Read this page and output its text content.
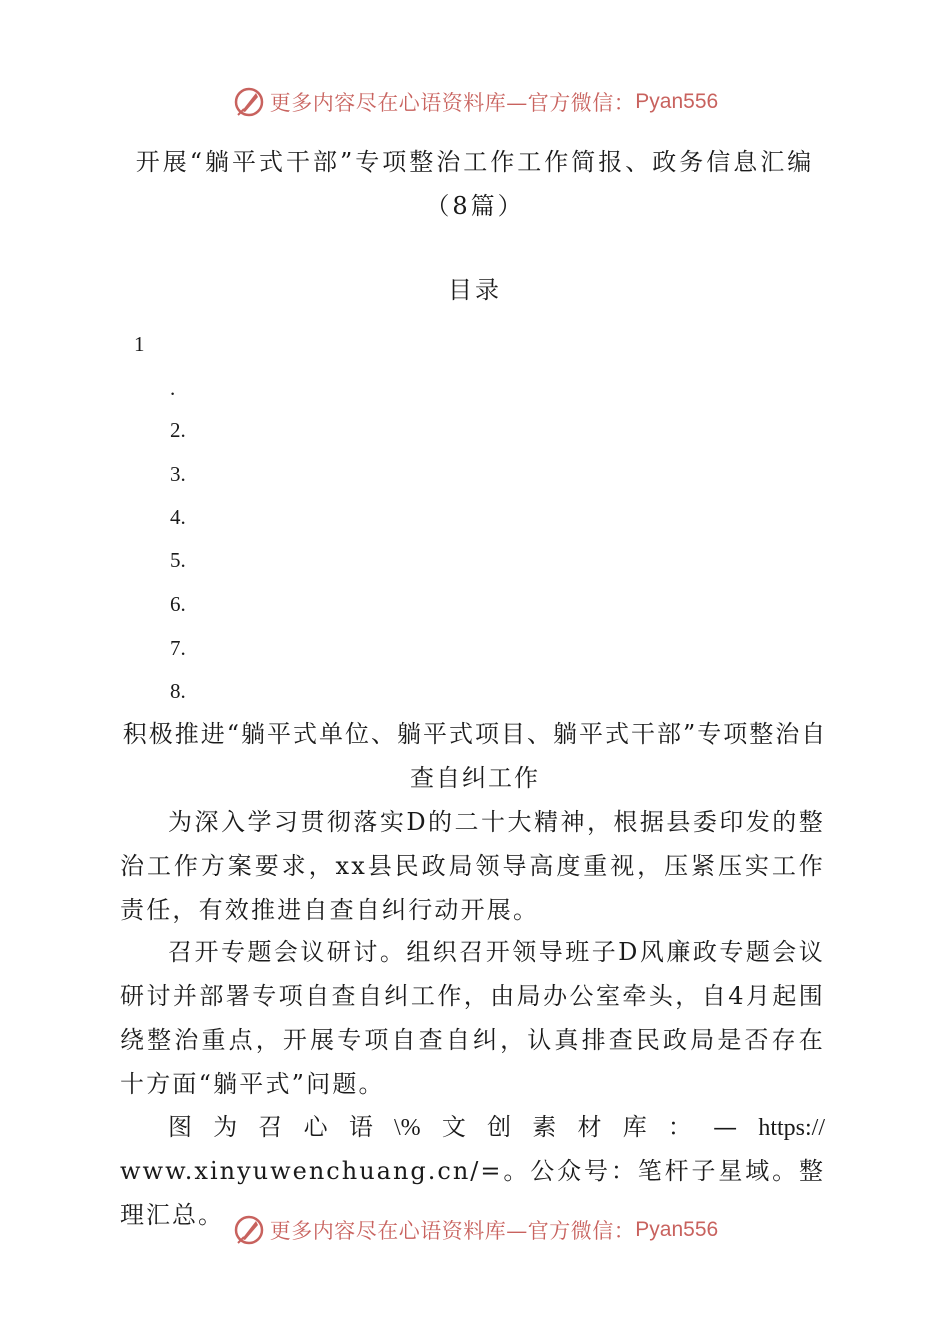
更多内容尽在心语资料库—官方微信： Pyan556
开展“躺平式干部”专项整治工作工作简报、政务信息汇编（8篇）
目录
1
.
2.
3.
4.
5.
6.
7.
8.
积极推进“躺平式单位、躺平式项目、躺平式干部”专项整治自查自纠工作

为深入学习贯彻落实D的二十大精神，根据县委印发的整治工作方案要求，xx县民政局领导高度重视，压紧压实工作责任，有效推进自查自纠行动开展。

召开专题会议研讨。组织召开领导班子D风廉政专题会议研讨并部署专项自查自纠工作，由局办公室牵头，自4月起围绕整治重点，开展专项自查自纠，认真排查民政局是否存在十方面“躺平式”问题。

图 为 召 心 语 \% 文 创 素 材 库 ： — https://
www.xinyuwenchuang.cn/=。公众号：笔杆子星域。整理汇总。
更多内容尽在心语资料库—官方微信： Pyan556
